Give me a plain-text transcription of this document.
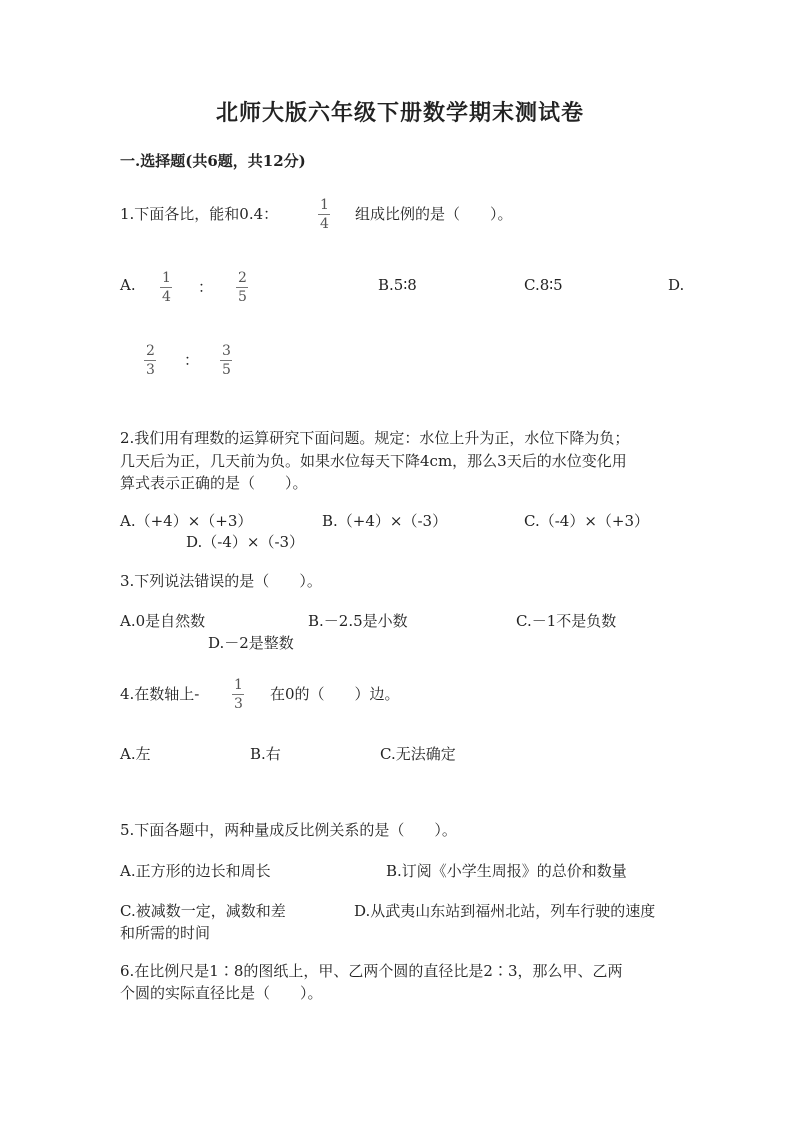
北师大版六年级下册数学期末测试卷
一.选择题(共6题，共12分)
1.下面各比，能和0.4：	1
4
组成比例的是（　　）。
A. 1
4
： 2
5
B.5∶8	C.8∶5	D.
2
3
： 3
5
2.我们用有理数的运算研究下面问题。规定：水位上升为正，水位下降为负；
几天后为正，几天前为负。如果水位每天下降4cm，那么3天后的水位变化用
算式表示正确的是（　　）。
A.（+4）×（+3）	B.（+4）×（-3）	C.（-4）×（+3）
D.（-4）×（-3）
3.下列说法错误的是（　　）。
A.0是自然数	B.－2.5是小数	C.－1不是负数
D.－2是整数
4.在数轴上- 1
3
在0的（　　）边。
A.左	B.右	C.无法确定
5.下面各题中，两种量成反比例关系的是（　　）。
A.正方形的边长和周长	B.订阅《小学生周报》的总价和数量
C.被减数一定，减数和差	D.从武夷山东站到福州北站，列车行驶的速度
和所需的时间
6.在比例尺是1∶8的图纸上，甲、乙两个圆的直径比是2∶3，那么甲、乙两
个圆的实际直径比是（　　）。
